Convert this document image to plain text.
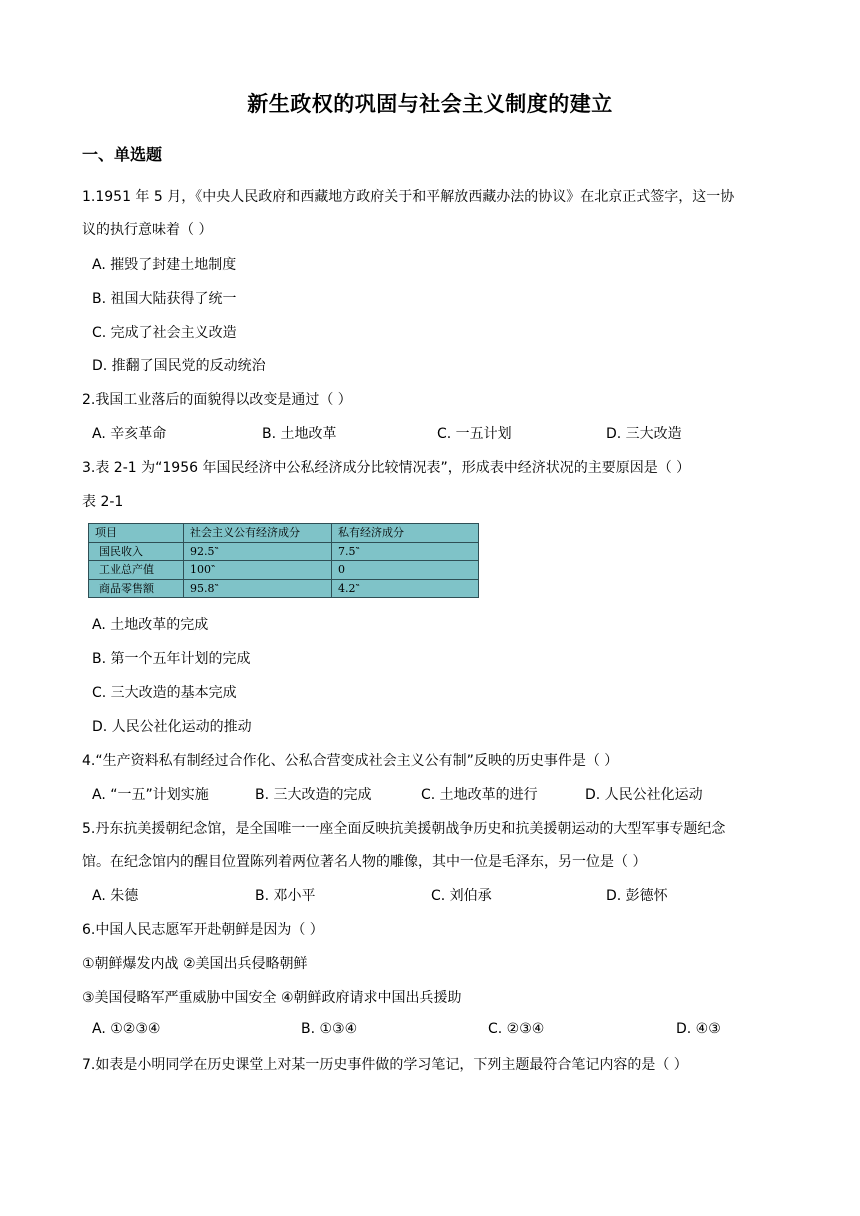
新生政权的巩固与社会主义制度的建立
一、单选题
1.1951 年 5 月，《中央人民政府和西藏地方政府关于和平解放西藏办法的协议》在北京正式签字，这一协
议的执行意味着（ ）
A. 摧毁了封建土地制度
B. 祖国大陆获得了统一
C. 完成了社会主义改造
D. 推翻了国民党的反动统治
2.我国工业落后的面貌得以改变是通过（ ）
A. 辛亥革命	B. 土地改革	C. 一五计划	D. 三大改造
3.表 2-1 为“1956 年国民经济中公私经济成分比较情况表”，形成表中经济状况的主要原因是（ ）
表 2-1
项目	社会主义公有经济成分	私有经济成分
国民收入	92.5‶	7.5‶
工业总产值	100‶	0
商品零售额	95.8‶	4.2‶
A. 土地改革的完成
B. 第一个五年计划的完成
C. 三大改造的基本完成
D. 人民公社化运动的推动
4.“生产资料私有制经过合作化、公私合营变成社会主义公有制”反映的历史事件是（ ）
A. “一五”计划实施	B. 三大改造的完成	C. 土地改革的进行	D. 人民公社化运动
5.丹东抗美援朝纪念馆，是全国唯一一座全面反映抗美援朝战争历史和抗美援朝运动的大型军事专题纪念
馆。在纪念馆内的醒目位置陈列着两位著名人物的雕像，其中一位是毛泽东，另一位是（ ）
A. 朱德	B. 邓小平	C. 刘伯承	D. 彭德怀
6.中国人民志愿军开赴朝鲜是因为（ ）
①朝鲜爆发内战 ②美国出兵侵略朝鲜
③美国侵略军严重威胁中国安全 ④朝鲜政府请求中国出兵援助
A. ①②③④	B. ①③④	C. ②③④	D. ④③
7.如表是小明同学在历史课堂上对某一历史事件做的学习笔记，下列主题最符合笔记内容的是（ ）
